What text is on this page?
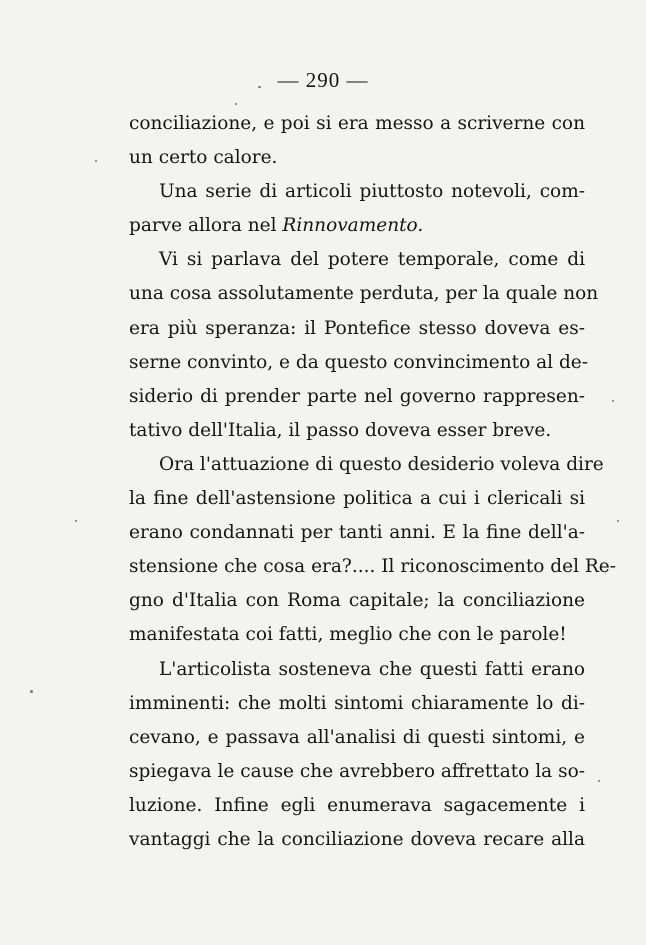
— 290 —
conciliazione, e poi si era messo a scriverne con
un certo calore.
Una serie di articoli piuttosto notevoli, com-
parve allora nel Rinnovamento.
Vi si parlava del potere temporale, come di
una cosa assolutamente perduta, per la quale non
era più speranza: il Pontefice stesso doveva es-
serne convinto, e da questo convincimento al de-
siderio di prender parte nel governo rappresen-
tativo dell'Italia, il passo doveva esser breve.
Ora l'attuazione di questo desiderio voleva dire
la fine dell'astensione politica a cui i clericali si
erano condannati per tanti anni. E la fine dell'a-
stensione che cosa era?.... Il riconoscimento del Re-
gno d'Italia con Roma capitale; la conciliazione
manifestata coi fatti, meglio che con le parole!
L'articolista sosteneva che questi fatti erano
imminenti: che molti sintomi chiaramente lo di-
cevano, e passava all'analisi di questi sintomi, e
spiegava le cause che avrebbero affrettato la so-
luzione. Infine egli enumerava sagacemente i
vantaggi che la conciliazione doveva recare alla
